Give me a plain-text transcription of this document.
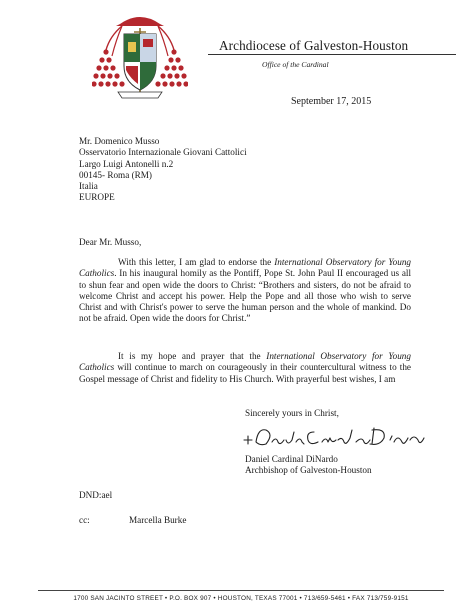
Archdiocese of Galveston-Houston
Office of the Cardinal
September 17, 2015
Mr. Domenico Musso
Osservatorio Internazionale Giovani Cattolici
Largo Luigi Antonelli n.2
00145- Roma (RM)
Italia
EUROPE
Dear Mr. Musso,
With this letter, I am glad to endorse the International Observatory for Young Catholics. In his inaugural homily as the Pontiff, Pope St. John Paul II encouraged us all to shun fear and open wide the doors to Christ: “Brothers and sisters, do not be afraid to welcome Christ and accept his power. Help the Pope and all those who wish to serve Christ and with Christ's power to serve the human person and the whole of mankind. Do not be afraid. Open wide the doors for Christ.”
It is my hope and prayer that the International Observatory for Young Catholics will continue to march on courageously in their countercultural witness to the Gospel message of Christ and fidelity to His Church. With prayerful best wishes, I am
Sincerely yours in Christ,
Daniel Cardinal DiNardo
Archbishop of Galveston-Houston
DND:ael
cc:	Marcella Burke
1700 SAN JACINTO STREET • P.O. BOX 907 • HOUSTON, TEXAS 77001 • 713/659-5461 • FAX 713/759-9151
